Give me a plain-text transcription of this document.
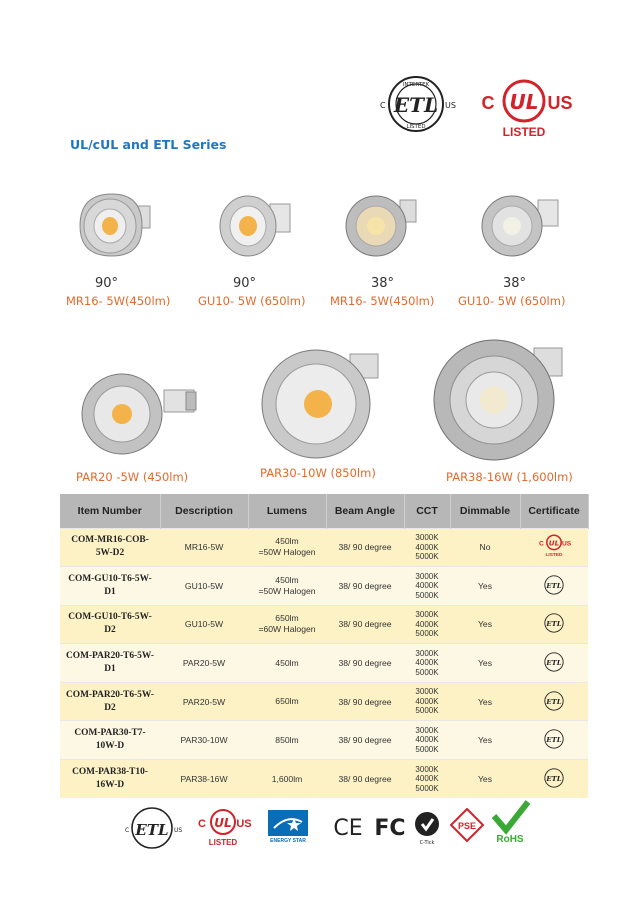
INTERTEK
LISTED
ETL
C	US	UL
C	US
LISTED
UL/cUL and ETL Series
90°	90°	38°	38°
MR16- 5W(450lm) GU10- 5W (650lm) MR16- 5W(450lm) GU10- 5W (650lm)
PAR20 -5W (450lm)	PAR30-10W (850lm)	PAR38-16W (1,600lm)
Item Number	Description	Lumens	Beam Angle	CCT	Dimmable	Certificate
COM-MR16-COB-5W-D2	MR16-5W	450lm
=50W Halogen	38/ 90 degree	3000K
4000K
5000K	No	UL
C US
LISTED

COM-GU10-T6-5W-D1	GU10-5W	450lm
=50W Halogen	38/ 90 degree	3000K
4000K
5000K	Yes	ETL

COM-GU10-T6-5W-D2	GU10-5W	650lm
=60W Halogen	38/ 90 degree	3000K
4000K
5000K	Yes	ETL

COM-PAR20-T6-5W-D1	PAR20-5W	450lm	38/ 90 degree	3000K
4000K
5000K	Yes	ETL

COM-PAR20-T6-5W-D2	PAR20-5W	650lm	38/ 90 degree	3000K
4000K
5000K	Yes	ETL

COM-PAR30-T7-10W-D	PAR30-10W	850lm	38/ 90 degree	3000K
4000K
5000K	Yes	ETL

COM-PAR38-T10-16W-D	PAR38-16W	1,600lm	38/ 90 degree	3000K
4000K
5000K	Yes	ETL
ETL
C	US
UL
C	US
LISTED	ENERGY STAR CE FC
C-Tick
PSE
RoHS
